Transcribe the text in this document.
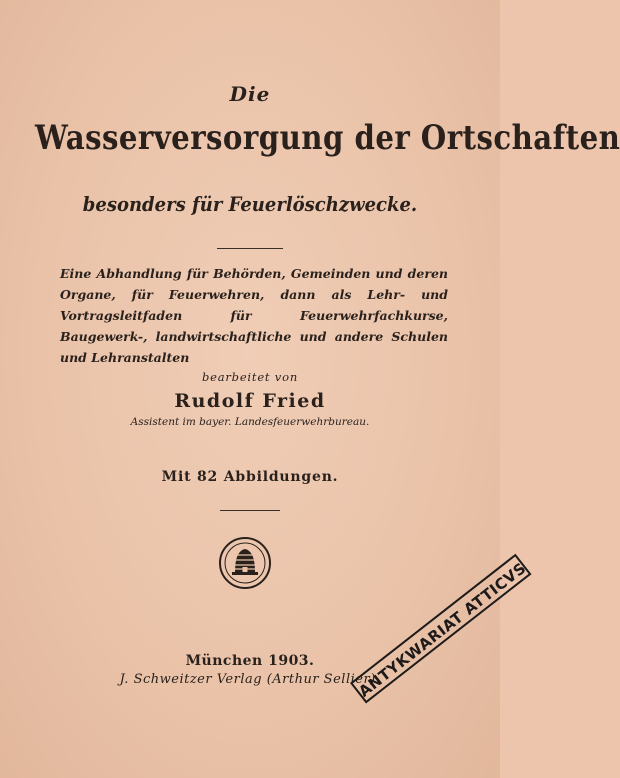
Die
Wasserversorgung der Ortschaften
besonders für Feuerlöschzwecke.
Eine Abhandlung für Behörden, Gemeinden und deren Organe, für Feuerwehren, dann als Lehr- und Vortragsleitfaden für Feuerwehrfachkurse, Baugewerk-, landwirtschaftliche und andere Schulen und Lehranstalten
bearbeitet von
Rudolf Fried
Assistent im bayer. Landesfeuerwehrbureau.
Mit 82 Abbildungen.
München 1903.
J. Schweitzer Verlag (Arthur Sellier).
ANTYKWARIAT ATTICVS
